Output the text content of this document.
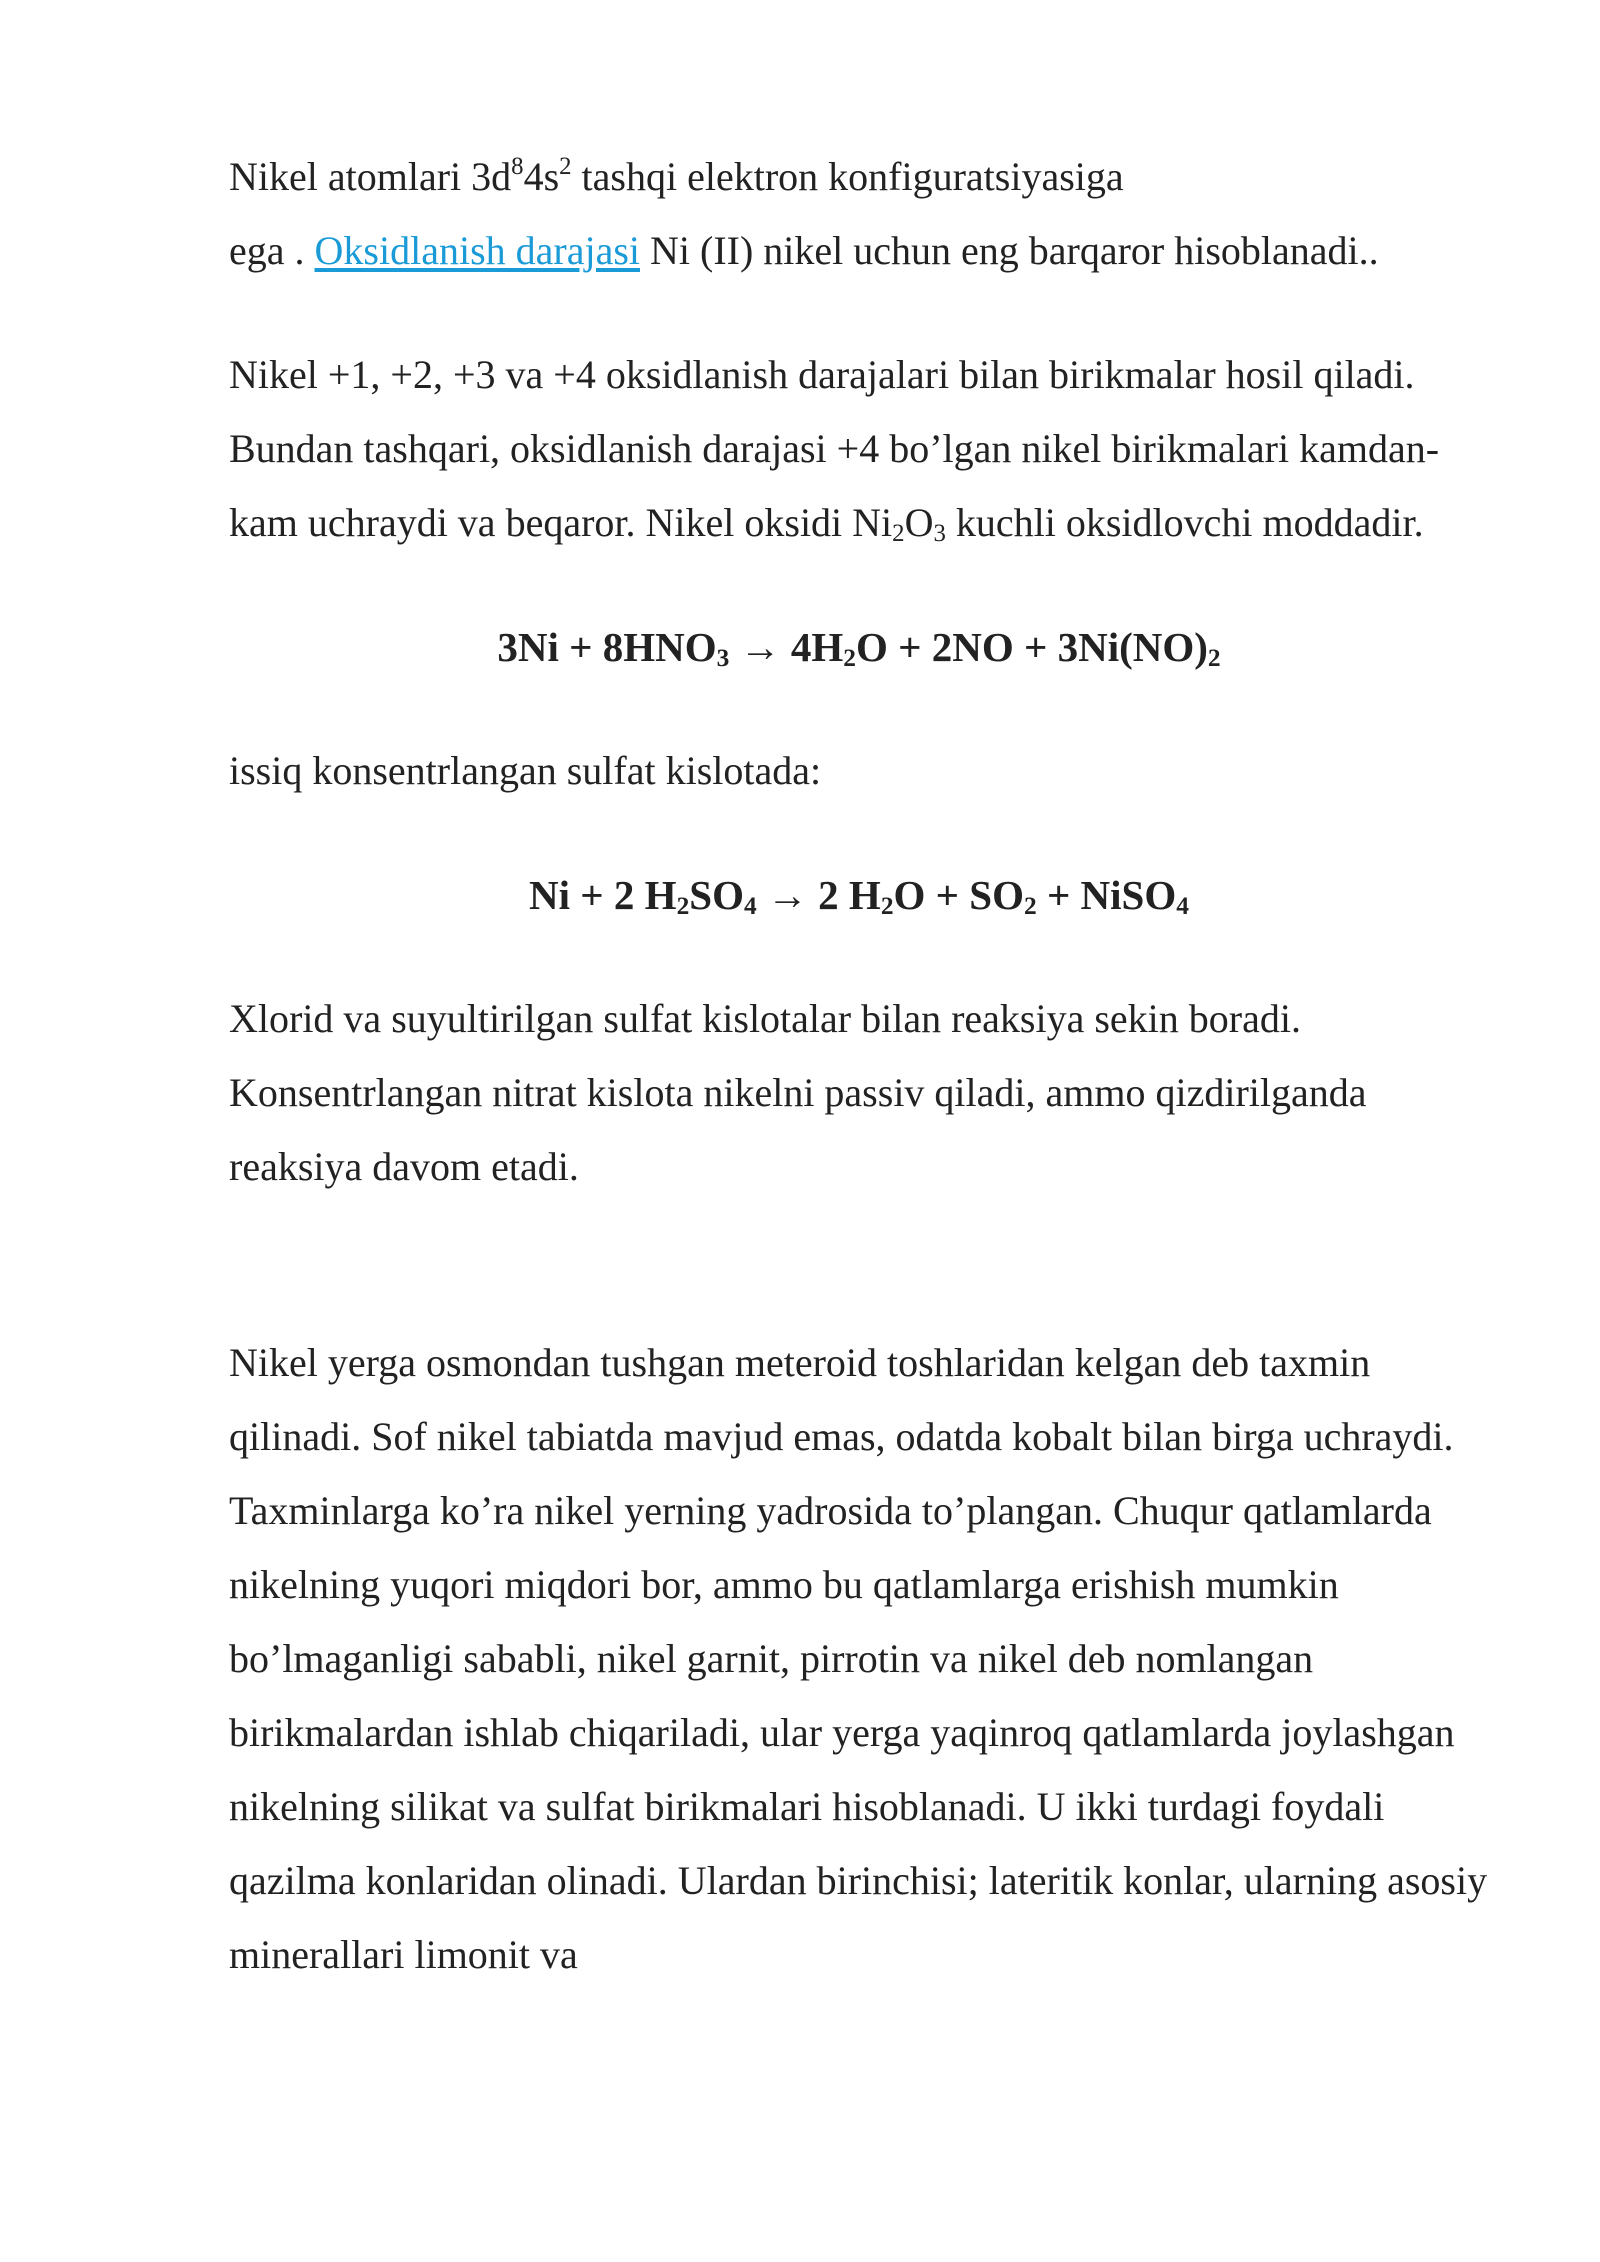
Nikel atomlari $3d^84s^2$ tashqi elektron konfiguratsiyasiga
ega . Oksidlanish darajasi Ni (II) nikel uchun eng barqaror hisoblanadi..

Nikel +1, +2, +3 va +4 oksidlanish darajalari bilan birikmalar hosil qiladi. Bundan tashqari, oksidlanish darajasi +4 bo’lgan nikel birikmalari kamdan-kam uchraydi va beqaror. Nikel oksidi Ni2O3 kuchli oksidlovchi moddadir.

3Ni + 8HNO3 → 4H2O + 2NO + 3Ni(NO)2

issiq konsentrlangan sulfat kislotada:

Ni + 2 H2SO4 → 2 H2O + SO2 + NiSO4

Xlorid va suyultirilgan sulfat kislotalar bilan reaksiya sekin boradi. Konsentrlangan nitrat kislota nikelni passiv qiladi, ammo qizdirilganda reaksiya davom etadi.

Nikel yerga osmondan tushgan meteroid toshlaridan kelgan deb taxmin qilinadi. Sof nikel tabiatda mavjud emas, odatda kobalt bilan birga uchraydi. Taxminlarga ko’ra nikel yerning yadrosida to’plangan. Chuqur qatlamlarda nikelning yuqori miqdori bor, ammo bu qatlamlarga erishish mumkin bo’lmaganligi sababli, nikel garnit, pirrotin va nikel deb nomlangan birikmalardan ishlab chiqariladi, ular yerga yaqinroq qatlamlarda joylashgan nikelning silikat va sulfat birikmalari hisoblanadi. U ikki turdagi foydali qazilma konlaridan olinadi. Ulardan birinchisi; lateritik konlar, ularning asosiy minerallari limonit va
